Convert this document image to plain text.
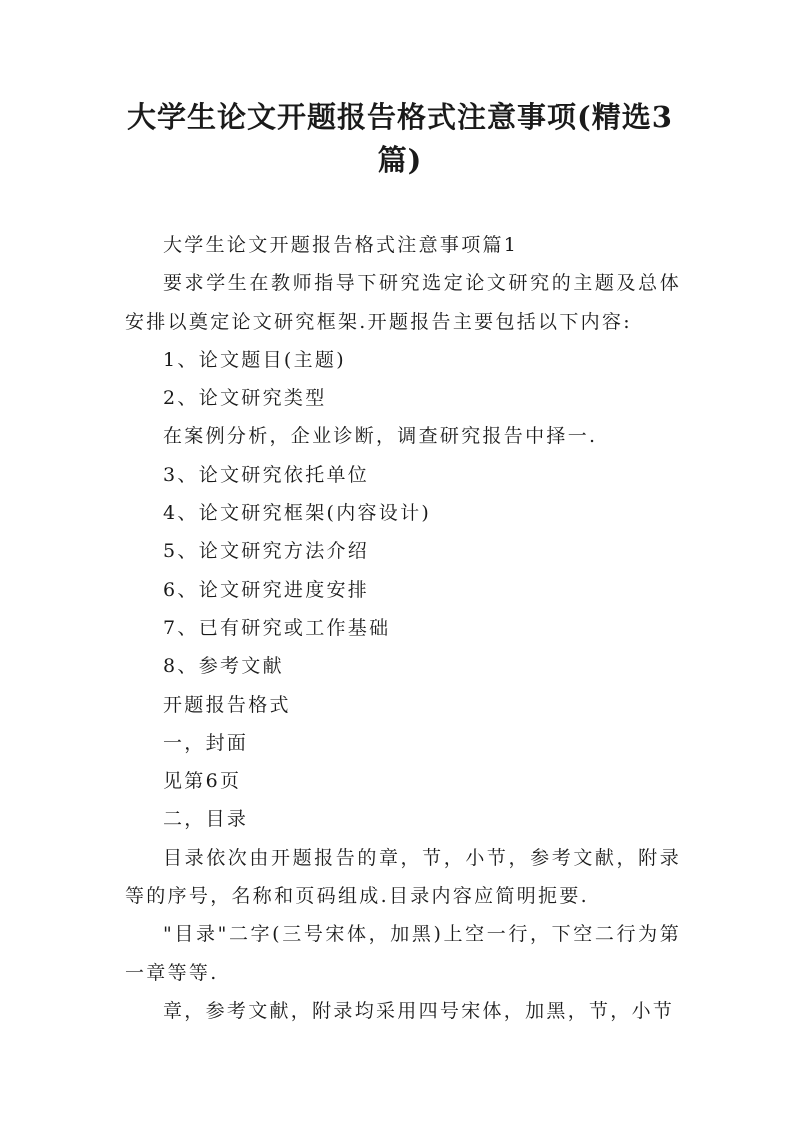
大学生论文开题报告格式注意事项(精选3篇)

大学生论文开题报告格式注意事项篇1

要求学生在教师指导下研究选定论文研究的主题及总体安排以奠定论文研究框架.开题报告主要包括以下内容:

1、论文题目(主题)

2、论文研究类型

在案例分析，企业诊断，调查研究报告中择一.

3、论文研究依托单位

4、论文研究框架(内容设计)

5、论文研究方法介绍

6、论文研究进度安排

7、已有研究或工作基础

8、参考文献

开题报告格式

一，封面

见第6页

二，目录

目录依次由开题报告的章，节，小节，参考文献，附录等的序号，名称和页码组成.目录内容应简明扼要.

"目录"二字(三号宋体，加黑)上空一行，下空二行为第一章等等.

章，参考文献，附录均采用四号宋体，加黑，节，小节
